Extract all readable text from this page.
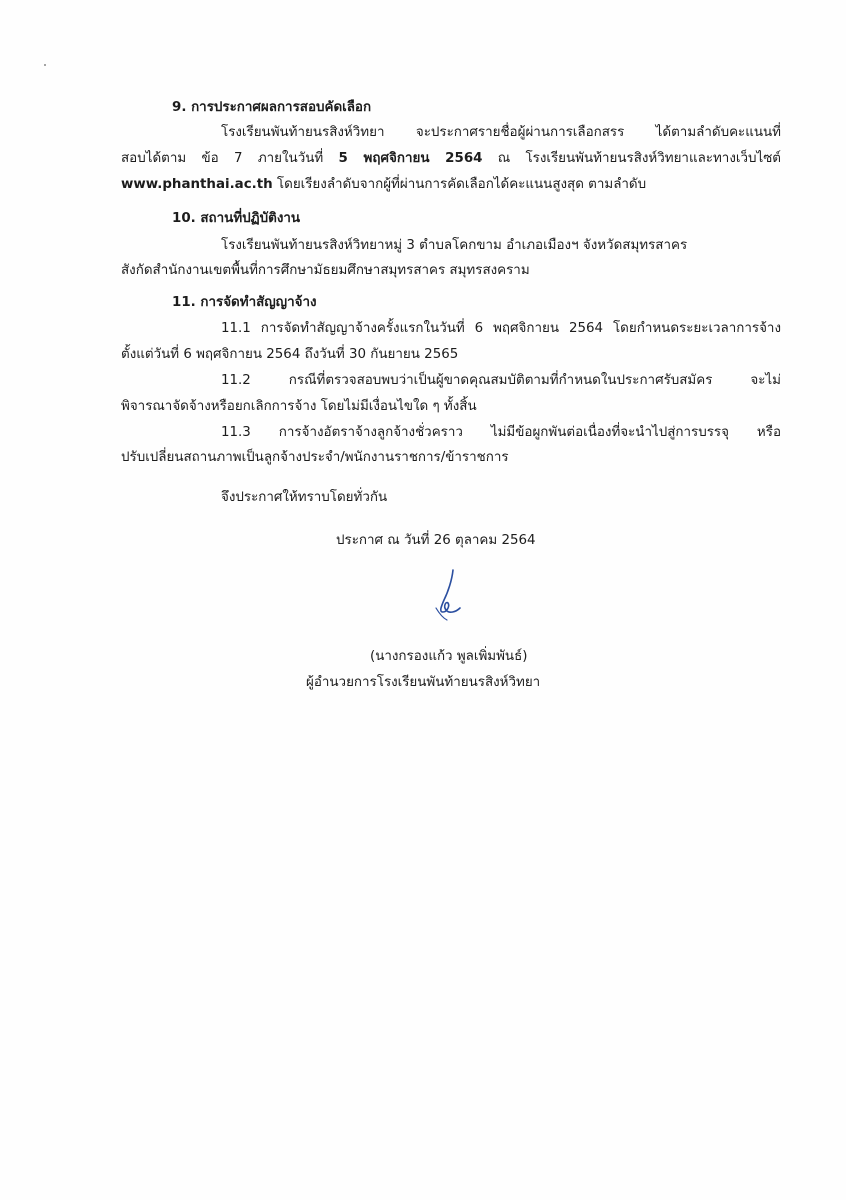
9. การประกาศผลการสอบคัดเลือก
โรงเรียนพันท้ายนรสิงห์วิทยา จะประกาศรายชื่อผู้ผ่านการเลือกสรร ได้ตามลำดับคะแนนที่
สอบได้ตาม ข้อ 7 ภายในวันที่ 5 พฤศจิกายน 2564 ณ โรงเรียนพันท้ายนรสิงห์วิทยาและทางเว็บไซต์
www.phanthai.ac.th โดยเรียงลำดับจากผู้ที่ผ่านการคัดเลือกได้คะแนนสูงสุด ตามลำดับ
10. สถานที่ปฏิบัติงาน
โรงเรียนพันท้ายนรสิงห์วิทยาหมู่ 3 ตำบลโคกขาม อำเภอเมืองฯ จังหวัดสมุทรสาคร
สังกัดสำนักงานเขตพื้นที่การศึกษามัธยมศึกษาสมุทรสาคร สมุทรสงคราม
11. การจัดทำสัญญาจ้าง
11.1 การจัดทำสัญญาจ้างครั้งแรกในวันที่ 6 พฤศจิกายน 2564 โดยกำหนดระยะเวลาการจ้าง
ตั้งแต่วันที่ 6 พฤศจิกายน 2564 ถึงวันที่ 30 กันยายน 2565
11.2 กรณีที่ตรวจสอบพบว่าเป็นผู้ขาดคุณสมบัติตามที่กำหนดในประกาศรับสมัคร จะไม่
พิจารณาจัดจ้างหรือยกเลิกการจ้าง โดยไม่มีเงื่อนไขใด ๆ ทั้งสิ้น
11.3 การจ้างอัตราจ้างลูกจ้างชั่วคราว ไม่มีข้อผูกพันต่อเนื่องที่จะนำไปสู่การบรรจุ หรือ
ปรับเปลี่ยนสถานภาพเป็นลูกจ้างประจำ/พนักงานราชการ/ข้าราชการ
จึงประกาศให้ทราบโดยทั่วกัน
ประกาศ ณ วันที่ 26 ตุลาคม 2564
(นางกรองแก้ว พูลเพิ่มพันธ์)
ผู้อำนวยการโรงเรียนพันท้ายนรสิงห์วิทยา
